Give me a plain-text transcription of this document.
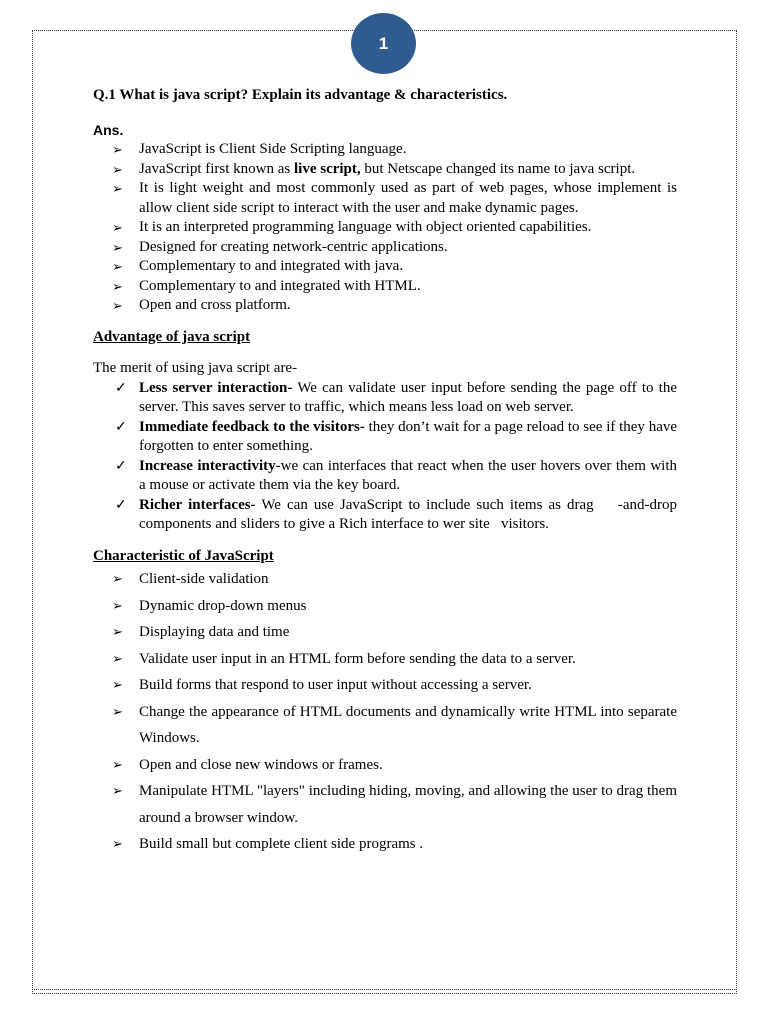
1

Q.1 What is java script? Explain its advantage & characteristics.

Ans.

➢ JavaScript is Client Side Scripting language.
➢ JavaScript first known as live script, but Netscape changed its name to java script.
➢ It is light weight and most commonly used as part of web pages, whose implement is allow client side script to interact with the user and make dynamic pages.
➢ It is an interpreted programming language with object oriented capabilities.
➢ Designed for creating network-centric applications.
➢ Complementary to and integrated with java.
➢ Complementary to and integrated with HTML.
➢ Open and cross platform.

Advantage of java script

The merit of using java script are-

✓ Less server interaction- We can validate user input before sending the page off to the server. This saves server to traffic, which means less load on web server.
✓ Immediate feedback to the visitors- they don’t wait for a page reload to see if they have forgotten to enter something.
✓ Increase interactivity-we can interfaces that react when the user hovers over them with a mouse or activate them via the key board.
✓ Richer interfaces- We can use JavaScript to include such items as drag    -and-drop components and sliders to give a Rich interface to wer site   visitors.

Characteristic of JavaScript

➢ Client-side validation
➢ Dynamic drop-down menus
➢ Displaying data and time
➢ Validate user input in an HTML form before sending the data to a server.
➢ Build forms that respond to user input without accessing a server.
➢ Change the appearance of HTML documents and dynamically write HTML into separate Windows.
➢ Open and close new windows or frames.
➢ Manipulate HTML "layers" including hiding, moving, and allowing the user to drag them around a browser window.
➢ Build small but complete client side programs .
